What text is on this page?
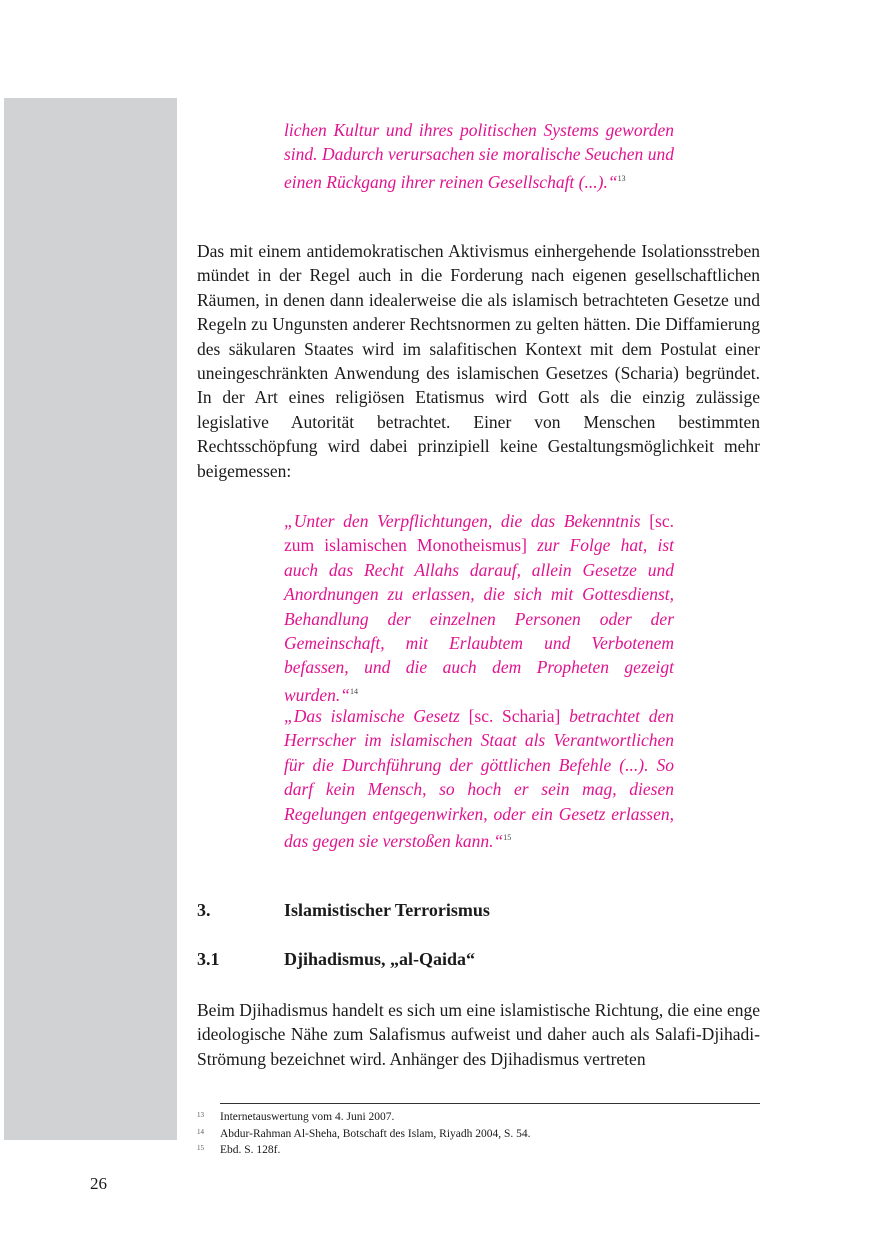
lichen Kultur und ihres politischen Systems geworden sind. Dadurch verursachen sie moralische Seuchen und einen Rückgang ihrer reinen Gesellschaft (...).“$^{13}$
Das mit einem antidemokratischen Aktivismus einhergehende Isolationsstreben mündet in der Regel auch in die Forderung nach eigenen gesellschaftlichen Räumen, in denen dann idealerweise die als islamisch betrachteten Gesetze und Regeln zu Ungunsten anderer Rechtsnormen zu gelten hätten. Die Diffamierung des säkularen Staates wird im salafitischen Kontext mit dem Postulat einer uneingeschränkten Anwendung des islamischen Gesetzes (Scharia) begründet. In der Art eines religiösen Etatismus wird Gott als die einzig zulässige legislative Autorität betrachtet. Einer von Menschen bestimmten Rechtsschöpfung wird dabei prinzipiell keine Gestaltungsmöglichkeit mehr beigemessen:
„Unter den Verpflichtungen, die das Bekenntnis [sc. zum islamischen Monotheismus] zur Folge hat, ist auch das Recht Allahs darauf, allein Gesetze und Anordnungen zu erlassen, die sich mit Gottesdienst, Behandlung der einzelnen Personen oder der Gemeinschaft, mit Erlaubtem und Verbotenem befassen, und die auch dem Propheten gezeigt wurden.“$^{14}$
„Das islamische Gesetz [sc. Scharia] betrachtet den Herrscher im islamischen Staat als Verantwortlichen für die Durchführung der göttlichen Befehle (...). So darf kein Mensch, so hoch er sein mag, diesen Regelungen entgegenwirken, oder ein Gesetz erlassen, das gegen sie verstoßen kann.“$^{15}$
3.	Islamistischer Terrorismus
3.1	Djihadismus, „al-Qaida“
Beim Djihadismus handelt es sich um eine islamistische Richtung, die eine enge ideologische Nähe zum Salafismus aufweist und daher auch als Salafi-Djihadi-Strömung bezeichnet wird. Anhänger des Djihadismus vertreten
13	Internetauswertung vom 4. Juni 2007.
14	Abdur-Rahman Al-Sheha, Botschaft des Islam, Riyadh 2004, S. 54.
15	Ebd. S. 128f.
26
